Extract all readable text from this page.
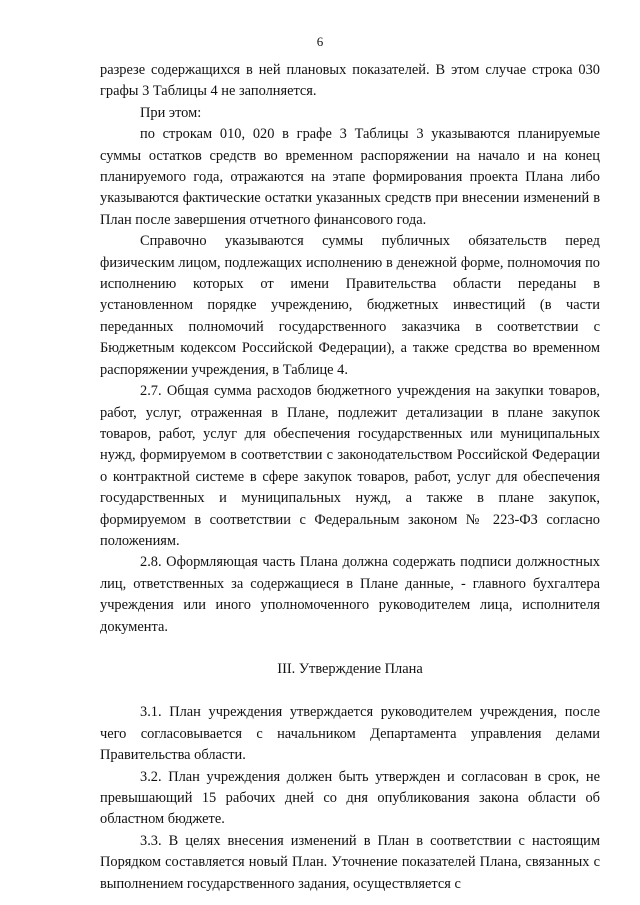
6

разрезе содержащихся в ней плановых показателей. В этом случае строка 030 графы 3 Таблицы 4 не заполняется.

При этом:

по строкам 010, 020 в графе 3 Таблицы 3 указываются планируемые суммы остатков средств во временном распоряжении на начало и на конец планируемого года, отражаются на этапе формирования проекта Плана либо указываются фактические остатки указанных средств при внесении изменений в План после завершения отчетного финансового года.

Справочно указываются суммы публичных обязательств перед физическим лицом, подлежащих исполнению в денежной форме, полномочия по исполнению которых от имени Правительства области переданы в установленном порядке учреждению, бюджетных инвестиций (в части переданных полномочий государственного заказчика в соответствии с Бюджетным кодексом Российской Федерации), а также средства во временном распоряжении учреждения, в Таблице 4.

2.7. Общая сумма расходов бюджетного учреждения на закупки товаров, работ, услуг, отраженная в Плане, подлежит детализации в плане закупок товаров, работ, услуг для обеспечения государственных или муниципальных нужд, формируемом в соответствии с законодательством Российской Федерации о контрактной системе в сфере закупок товаров, работ, услуг для обеспечения государственных и муниципальных нужд, а также в плане закупок, формируемом в соответствии с Федеральным законом № 223-ФЗ согласно положениям.

2.8. Оформляющая часть Плана должна содержать подписи должностных лиц, ответственных за содержащиеся в Плане данные, - главного бухгалтера учреждения или иного уполномоченного руководителем лица, исполнителя документа.

III. Утверждение Плана

3.1. План учреждения утверждается руководителем учреждения, после чего согласовывается с начальником Департамента управления делами Правительства области.

3.2. План учреждения должен быть утвержден и согласован в срок, не превышающий 15 рабочих дней со дня опубликования закона области об областном бюджете.

3.3. В целях внесения изменений в План в соответствии с настоящим Порядком составляется новый План. Уточнение показателей Плана, связанных с выполнением государственного задания, осуществляется с
